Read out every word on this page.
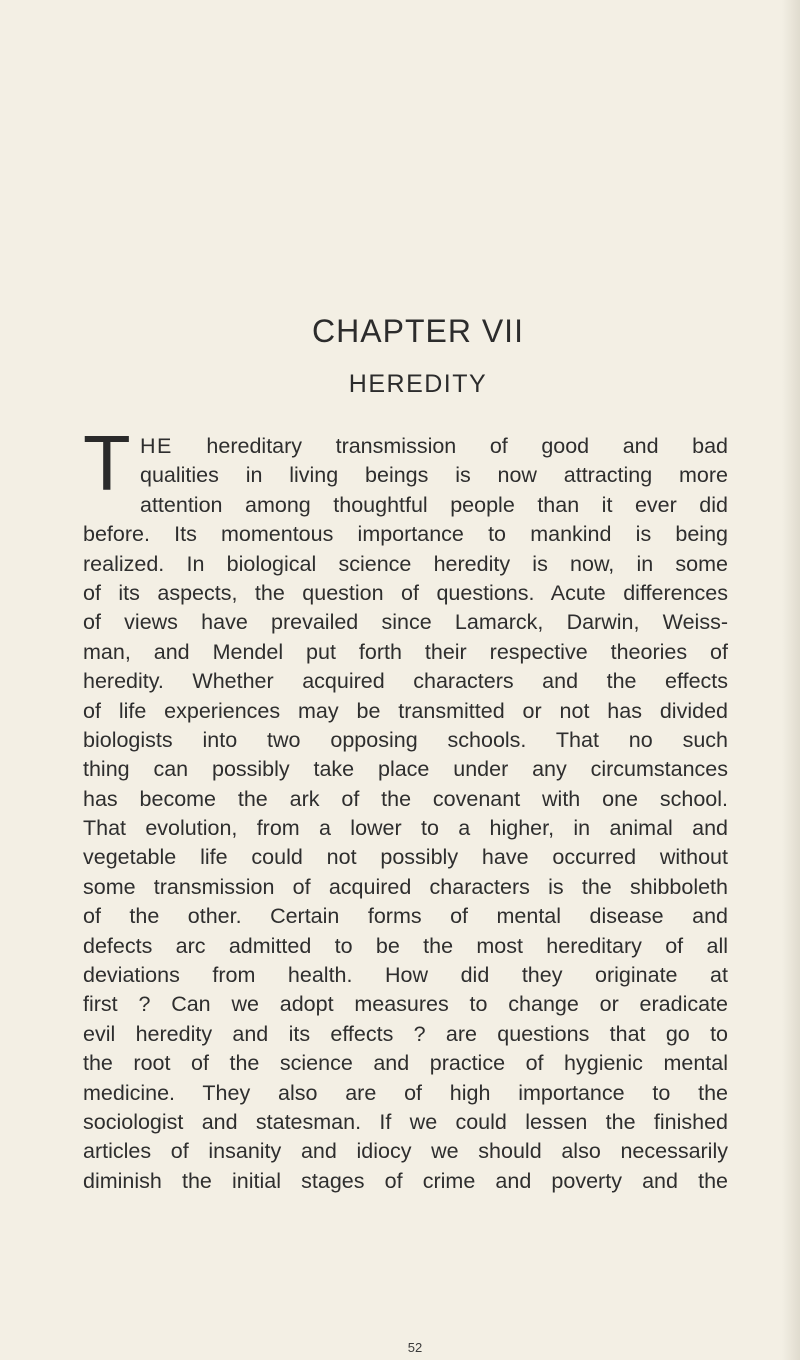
CHAPTER VII
HEREDITY
T HE hereditary transmission of good and bad
qualities in living beings is now attracting more
attention among thoughtful people than it ever did
before. Its momentous importance to mankind is being
realized. In biological science heredity is now, in some
of its aspects, the question of questions. Acute differences
of views have prevailed since Lamarck, Darwin, Weiss-
man, and Mendel put forth their respective theories of
heredity. Whether acquired characters and the effects
of life experiences may be transmitted or not has divided
biologists into two opposing schools. That no such
thing can possibly take place under any circumstances
has become the ark of the covenant with one school.
That evolution, from a lower to a higher, in animal and
vegetable life could not possibly have occurred without
some transmission of acquired characters is the shibboleth
of the other. Certain forms of mental disease and
defects arc admitted to be the most hereditary of all
deviations from health. How did they originate at
first ? Can we adopt measures to change or eradicate
evil heredity and its effects ? are questions that go to
the root of the science and practice of hygienic mental
medicine. They also are of high importance to the
sociologist and statesman. If we could lessen the finished
articles of insanity and idiocy we should also necessarily
diminish the initial stages of crime and poverty and the
52
